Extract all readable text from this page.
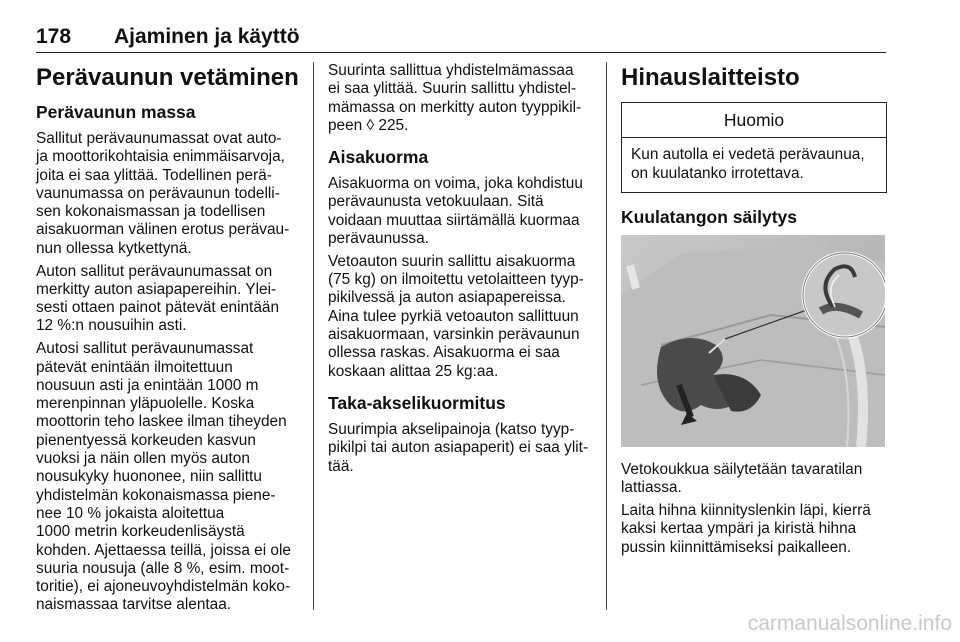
178	Ajaminen ja käyttö
Perävaunun vetäminen
Perävaunun massa

Sallitut perävaunumassat ovat auto-
ja moottorikohtaisia enimmäisarvoja,
joita ei saa ylittää. Todellinen perä-
vaunumassa on perävaunun todelli-
sen kokonaismassan ja todellisen
aisakuorman välinen erotus perävau-
nun ollessa kytkettynä.

Auton sallitut perävaunumassat on
merkitty auton asiapapereihin. Ylei-
sesti ottaen painot pätevät enintään
12 %:n nousuihin asti.

Autosi sallitut perävaunumassat
pätevät enintään ilmoitettuun
nousuun asti ja enintään 1000 m
merenpinnan yläpuolelle. Koska
moottorin teho laskee ilman tiheyden
pienentyessä korkeuden kasvun
vuoksi ja näin ollen myös auton
nousukyky huononee, niin sallittu
yhdistelmän kokonaismassa piene-
nee 10 % jokaista aloitettua
1000 metrin korkeudenlisäystä
kohden. Ajettaessa teillä, joissa ei ole
suuria nousuja (alle 8 %, esim. moot-
toritie), ei ajoneuvoyhdistelmän koko-
naismassaa tarvitse alentaa.

Suurinta sallittua yhdistelmämassaa
ei saa ylittää. Suurin sallittu yhdistel-
mämassa on merkitty auton tyyppikil-
peen ◊ 225.

Aisakuorma

Aisakuorma on voima, joka kohdistuu
perävaunusta vetokuulaan. Sitä
voidaan muuttaa siirtämällä kuormaa
perävaunussa.

Vetoauton suurin sallittu aisakuorma
(75 kg) on ilmoitettu vetolaitteen tyyp-
pikilvessä ja auton asiapapereissa.
Aina tulee pyrkiä vetoauton sallittuun
aisakuormaan, varsinkin perävaunun
ollessa raskas. Aisakuorma ei saa
koskaan alittaa 25 kg:aa.

Taka-akselikuormitus

Suurimpia akselipainoja (katso tyyp-
pikilpi tai auton asiapaperit) ei saa ylit-
tää.

Hinauslaitteisto
Huomio
Kun autolla ei vedetä perävaunua,
on kuulatanko irrotettava.
Kuulatangon säilytys

Vetokoukkua säilytetään tavaratilan
lattiassa.

Laita hihna kiinnityslenkin läpi, kierrä
kaksi kertaa ympäri ja kiristä hihna
pussin kiinnittämiseksi paikalleen.

carmanualsonline.info
